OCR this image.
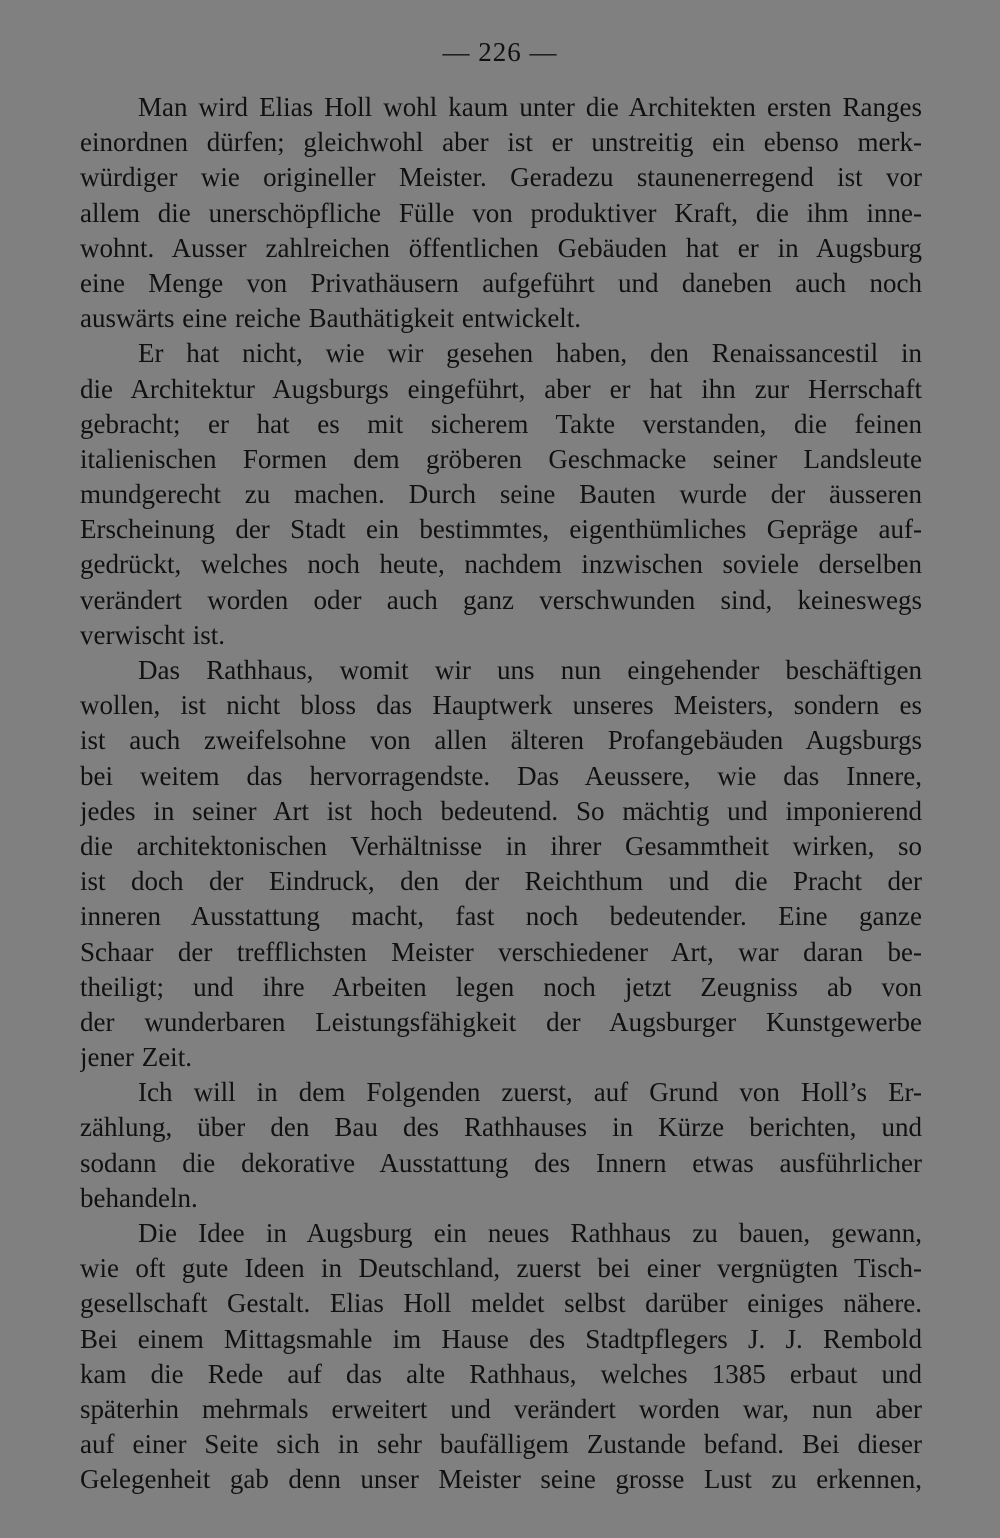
— 226 —
Man wird Elias Holl wohl kaum unter die Architekten ersten Ranges
einordnen dürfen; gleichwohl aber ist er unstreitig ein ebenso merk-
würdiger wie origineller Meister. Geradezu staunenerregend ist vor
allem die unerschöpfliche Fülle von produktiver Kraft, die ihm inne-
wohnt. Ausser zahlreichen öffentlichen Gebäuden hat er in Augsburg
eine Menge von Privathäusern aufgeführt und daneben auch noch
auswärts eine reiche Bauthätigkeit entwickelt.
Er hat nicht, wie wir gesehen haben, den Renaissancestil in
die Architektur Augsburgs eingeführt, aber er hat ihn zur Herrschaft
gebracht; er hat es mit sicherem Takte verstanden, die feinen
italienischen Formen dem gröberen Geschmacke seiner Landsleute
mundgerecht zu machen. Durch seine Bauten wurde der äusseren
Erscheinung der Stadt ein bestimmtes, eigenthümliches Gepräge auf-
gedrückt, welches noch heute, nachdem inzwischen soviele derselben
verändert worden oder auch ganz verschwunden sind, keineswegs
verwischt ist.
Das Rathhaus, womit wir uns nun eingehender beschäftigen
wollen, ist nicht bloss das Hauptwerk unseres Meisters, sondern es
ist auch zweifelsohne von allen älteren Profangebäuden Augsburgs
bei weitem das hervorragendste. Das Aeussere, wie das Innere,
jedes in seiner Art ist hoch bedeutend. So mächtig und imponierend
die architektonischen Verhältnisse in ihrer Gesammtheit wirken, so
ist doch der Eindruck, den der Reichthum und die Pracht der
inneren Ausstattung macht, fast noch bedeutender. Eine ganze
Schaar der trefflichsten Meister verschiedener Art, war daran be-
theiligt; und ihre Arbeiten legen noch jetzt Zeugniss ab von
der wunderbaren Leistungsfähigkeit der Augsburger Kunstgewerbe
jener Zeit.
Ich will in dem Folgenden zuerst, auf Grund von Holl’s Er-
zählung, über den Bau des Rathhauses in Kürze berichten, und
sodann die dekorative Ausstattung des Innern etwas ausführlicher
behandeln.
Die Idee in Augsburg ein neues Rathhaus zu bauen, gewann,
wie oft gute Ideen in Deutschland, zuerst bei einer vergnügten Tisch-
gesellschaft Gestalt. Elias Holl meldet selbst darüber einiges nähere.
Bei einem Mittagsmahle im Hause des Stadtpflegers J. J. Rembold
kam die Rede auf das alte Rathhaus, welches 1385 erbaut und
späterhin mehrmals erweitert und verändert worden war, nun aber
auf einer Seite sich in sehr baufälligem Zustande befand. Bei dieser
Gelegenheit gab denn unser Meister seine grosse Lust zu erkennen,
